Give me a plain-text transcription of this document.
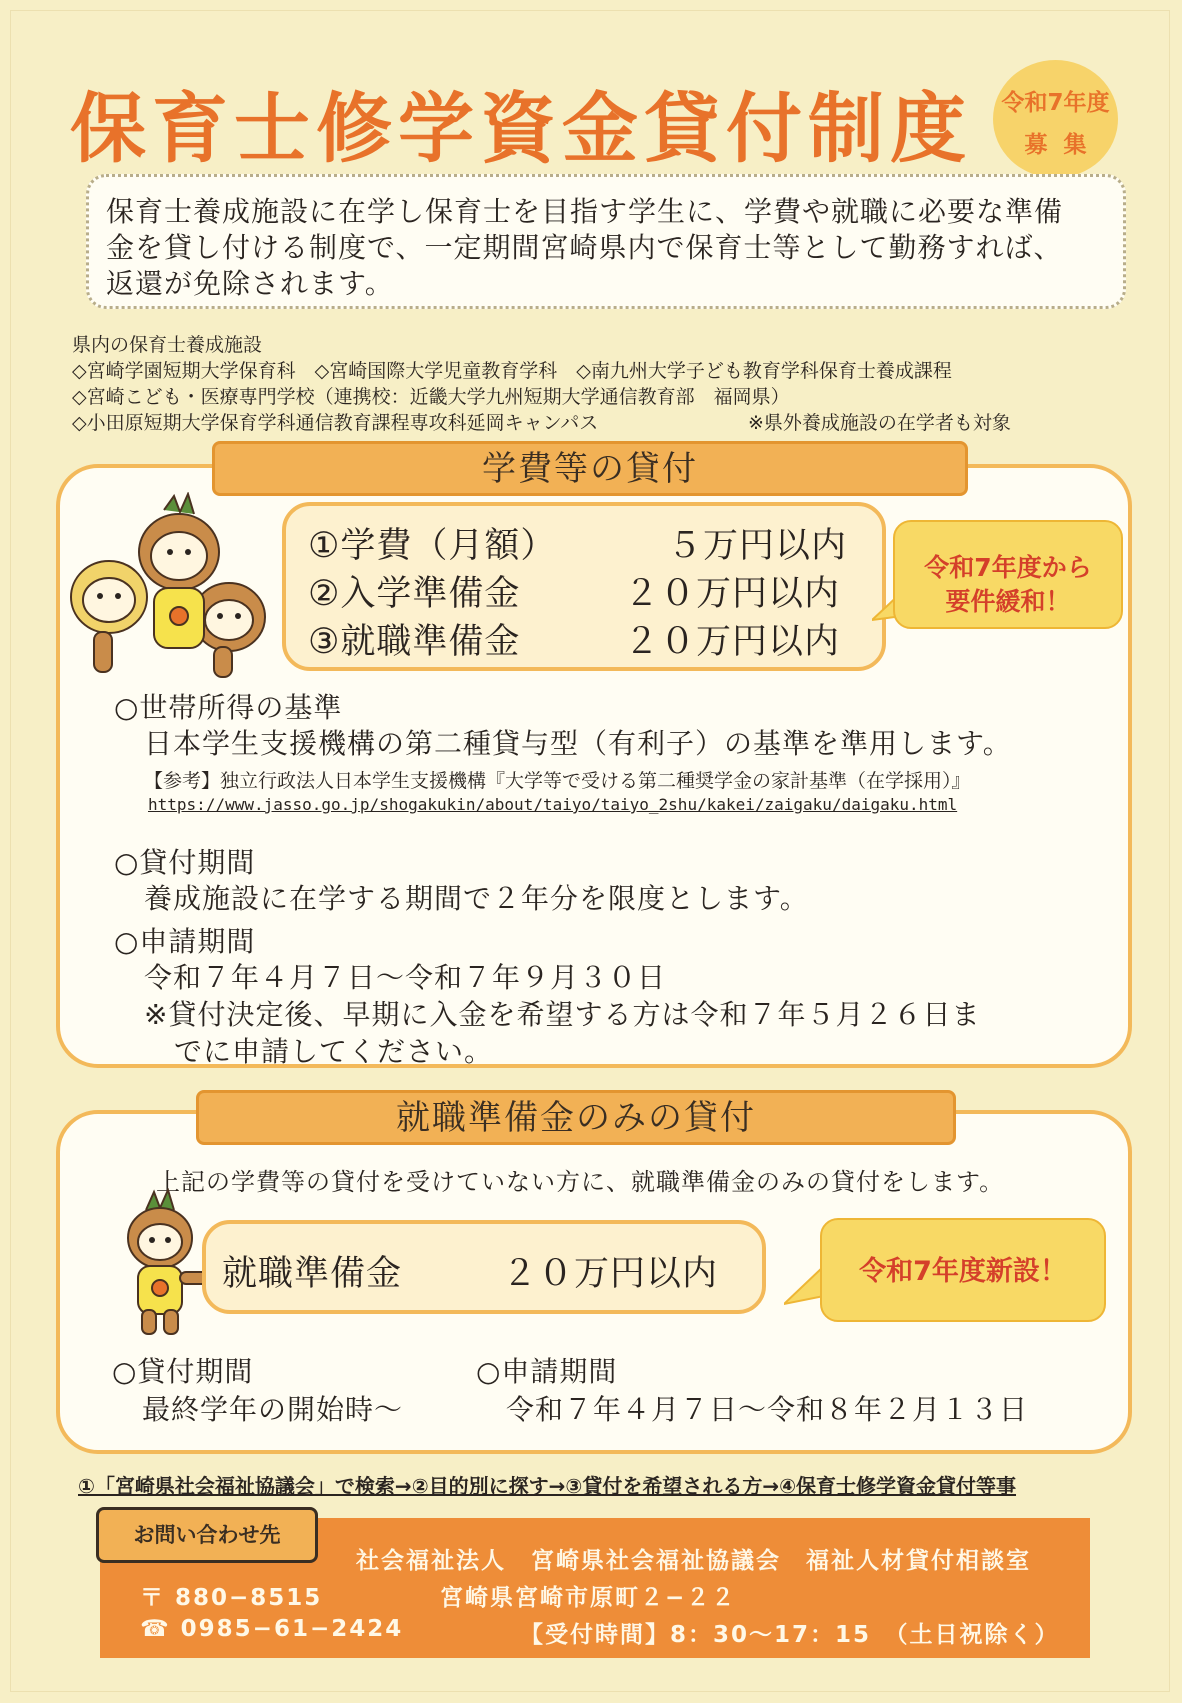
保育士修学資金貸付制度	令和7年度
募集
保育士養成施設に在学し保育士を目指す学生に、学費や就職に必要な準備
金を貸し付ける制度で、一定期間宮崎県内で保育士等として勤務すれば、
返還が免除されます。
県内の保育士養成施設
◇宮崎学園短期大学保育科　◇宮崎国際大学児童教育学科　◇南九州大学子ども教育学科保育士養成課程
◇宮崎こども・医療専門学校（連携校：近畿大学九州短期大学通信教育部　福岡県）
◇小田原短期大学保育学科通信教育課程専攻科延岡キャンパス	※県外養成施設の在学者も対象
学費等の貸付
①学費（月額）	５万円以内
②入学準備金	２０万円以内
③就職準備金	２０万円以内
令和7年度から
要件緩和！
○世帯所得の基準
日本学生支援機構の第二種貸与型（有利子）の基準を準用します。
【参考】独立行政法人日本学生支援機構『大学等で受ける第二種奨学金の家計基準（在学採用）』
https://www.jasso.go.jp/shogakukin/about/taiyo/taiyo_2shu/kakei/zaigaku/daigaku.html
○貸付期間
養成施設に在学する期間で２年分を限度とします。
○申請期間
令和７年４月７日～令和７年９月３０日
※貸付決定後、早期に入金を希望する方は令和７年５月２６日ま
でに申請してください。
就職準備金のみの貸付
上記の学費等の貸付を受けていない方に、就職準備金のみの貸付をします。
就職準備金	２０万円以内	令和7年度新設！
○貸付期間
最終学年の開始時～
○申請期間
令和７年４月７日～令和８年２月１３日
①「宮崎県社会福祉協議会」で検索→②目的別に探す→③貸付を希望される方→④保育士修学資金貸付等事
お問い合わせ先
社会福祉法人　宮崎県社会福祉協議会　福祉人材貸付相談室
〒 880−8515	宮崎県宮崎市原町２−２２
☎ 0985−61−2424	【受付時間】8：30～17：15　（土日祝除く）
